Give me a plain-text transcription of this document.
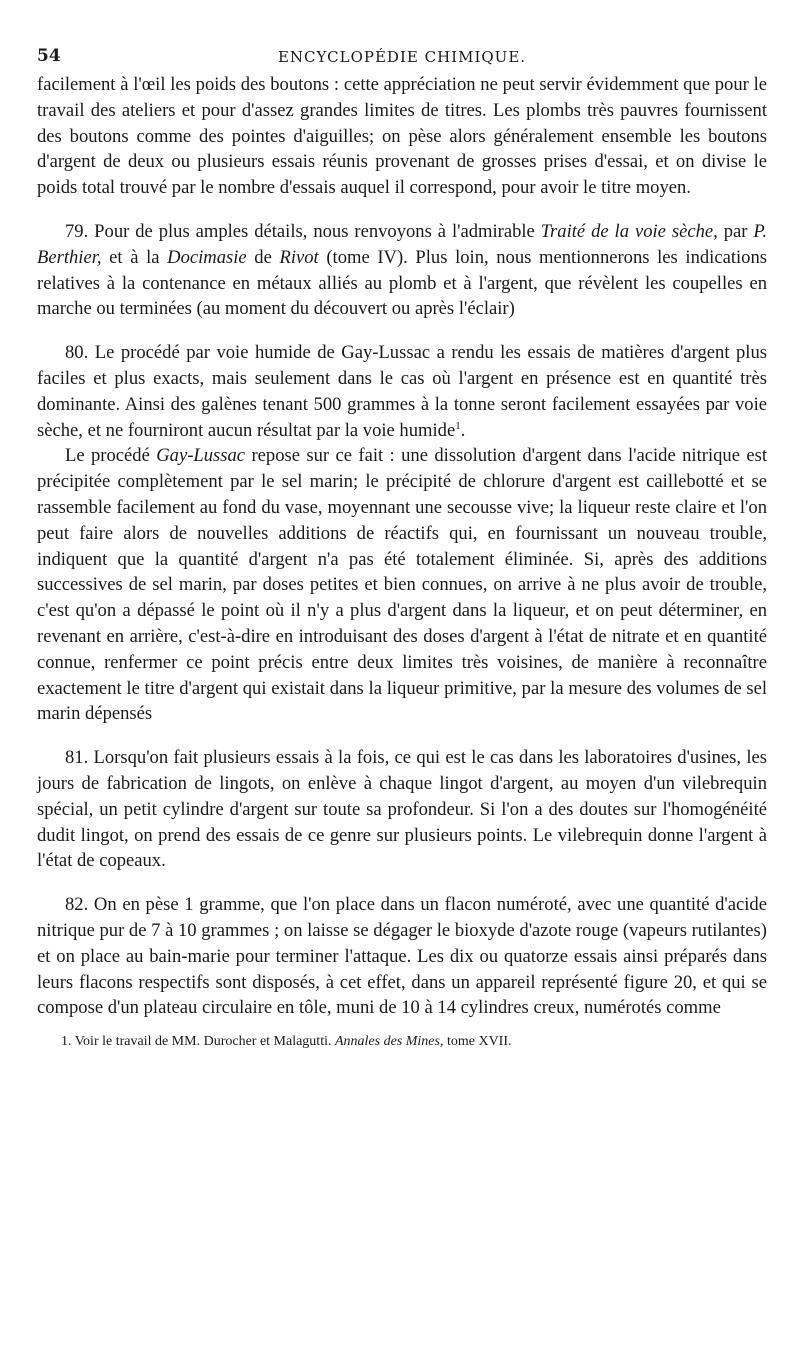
54	ENCYCLOPÉDIE CHIMIQUE.

facilement à l'œil les poids des boutons : cette appréciation ne peut servir évidemment que pour le travail des ateliers et pour d'assez grandes limites de titres. Les plombs très pauvres fournissent des boutons comme des pointes d'aiguilles; on pèse alors généralement ensemble les boutons d'argent de deux ou plusieurs essais réunis provenant de grosses prises d'essai, et on divise le poids total trouvé par le nombre d'essais auquel il correspond, pour avoir le titre moyen.

79. Pour de plus amples détails, nous renvoyons à l'admirable Traité de la voie sèche, par P. Berthier, et à la Docimasie de Rivot (tome IV). Plus loin, nous mentionnerons les indications relatives à la contenance en métaux alliés au plomb et à l'argent, que révèlent les coupelles en marche ou terminées (au moment du découvert ou après l'éclair)

80. Le procédé par voie humide de Gay-Lussac a rendu les essais de matières d'argent plus faciles et plus exacts, mais seulement dans le cas où l'argent en présence est en quantité très dominante. Ainsi des galènes tenant 500 grammes à la tonne seront facilement essayées par voie sèche, et ne fourniront aucun résultat par la voie humide$^1$.

Le procédé Gay-Lussac repose sur ce fait : une dissolution d'argent dans l'acide nitrique est précipitée complètement par le sel marin; le précipité de chlorure d'argent est caillebotté et se rassemble facilement au fond du vase, moyennant une secousse vive; la liqueur reste claire et l'on peut faire alors de nouvelles additions de réactifs qui, en fournissant un nouveau trouble, indiquent que la quantité d'argent n'a pas été totalement éliminée. Si, après des additions successives de sel marin, par doses petites et bien connues, on arrive à ne plus avoir de trouble, c'est qu'on a dépassé le point où il n'y a plus d'argent dans la liqueur, et on peut déterminer, en revenant en arrière, c'est-à-dire en introduisant des doses d'argent à l'état de nitrate et en quantité connue, renfermer ce point précis entre deux limites très voisines, de manière à reconnaître exactement le titre d'argent qui existait dans la liqueur primitive, par la mesure des volumes de sel marin dépensés

81. Lorsqu'on fait plusieurs essais à la fois, ce qui est le cas dans les laboratoires d'usines, les jours de fabrication de lingots, on enlève à chaque lingot d'argent, au moyen d'un vilebrequin spécial, un petit cylindre d'argent sur toute sa profondeur. Si l'on a des doutes sur l'homogénéité dudit lingot, on prend des essais de ce genre sur plusieurs points. Le vilebrequin donne l'argent à l'état de copeaux.

82. On en pèse 1 gramme, que l'on place dans un flacon numéroté, avec une quantité d'acide nitrique pur de 7 à 10 grammes ; on laisse se dégager le bioxyde d'azote rouge (vapeurs rutilantes) et on place au bain-marie pour terminer l'attaque. Les dix ou quatorze essais ainsi préparés dans leurs flacons respectifs sont disposés, à cet effet, dans un appareil représenté figure 20, et qui se compose d'un plateau circulaire en tôle, muni de 10 à 14 cylindres creux, numérotés comme

1. Voir le travail de MM. Durocher et Malagutti. Annales des Mines, tome XVII.
